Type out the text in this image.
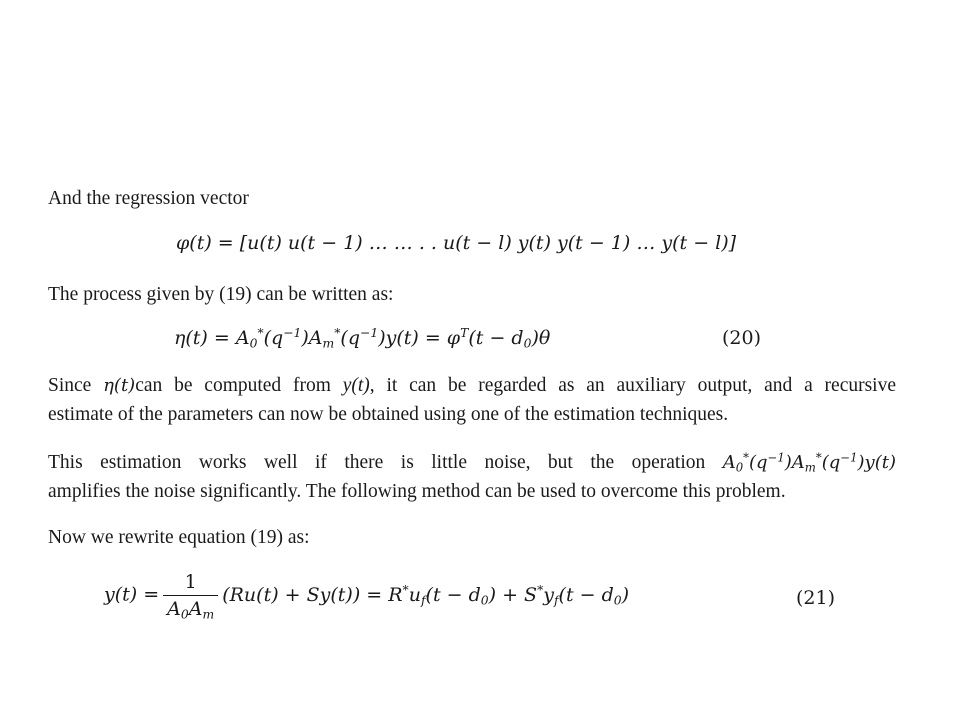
And the regression vector

φ(t) = [u(t) u(t − 1) … … . . u(t − l) y(t) y(t − 1) … y(t − l)]

The process given by (19) can be written as:

$\eta(t) = A_0^*(q^{-1})A_m^*(q^{-1})y(t) = \varphi^T(t - d_0)\theta$	(20)

Since η(t)can be computed from y(t), it can be regarded as an auxiliary output, and a recursive
estimate of the parameters can now be obtained using one of the estimation techniques.

This estimation works well if there is little noise, but the operation $A_0^*(q^{-1})A_m^*(q^{-1})y(t)$
amplifies the noise significantly. The following method can be used to overcome this problem.

Now we rewrite equation (19) as:

$y(t) = \frac{1}{A_0A_m} (Ru(t) + Sy(t)) = R^*u_f(t - d_0) + S^*y_f(t - d_0)$	(21)
